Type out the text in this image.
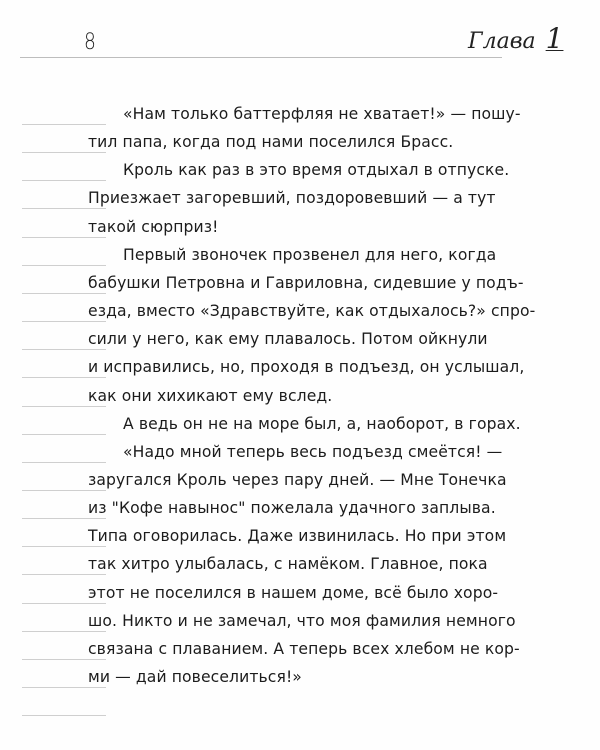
8	Глава 1
«Нам только баттерфляя не хватает!» — пошу-
тил папа, когда под нами поселился Брасс.
Кроль как раз в это время отдыхал в отпуске.
Приезжает загоревший, поздоровевший — а тут
такой сюрприз!
Первый звоночек прозвенел для него, когда
бабушки Петровна и Гавриловна, сидевшие у подъ-
езда, вместо «Здравствуйте, как отдыхалось?» спро-
сили у него, как ему плавалось. Потом ойкнули
и исправились, но, проходя в подъезд, он услышал,
как они хихикают ему вслед.
А ведь он не на море был, а, наоборот, в горах.
«Надо мной теперь весь подъезд смеётся! —
заругался Кроль через пару дней. — Мне Тонечка
из "Кофе навынос" пожелала удачного заплыва.
Типа оговорилась. Даже извинилась. Но при этом
так хитро улыбалась, с намёком. Главное, пока
этот не поселился в нашем доме, всё было хоро-
шо. Никто и не замечал, что моя фамилия немного
связана с плаванием. А теперь всех хлебом не кор-
ми — дай повеселиться!»
